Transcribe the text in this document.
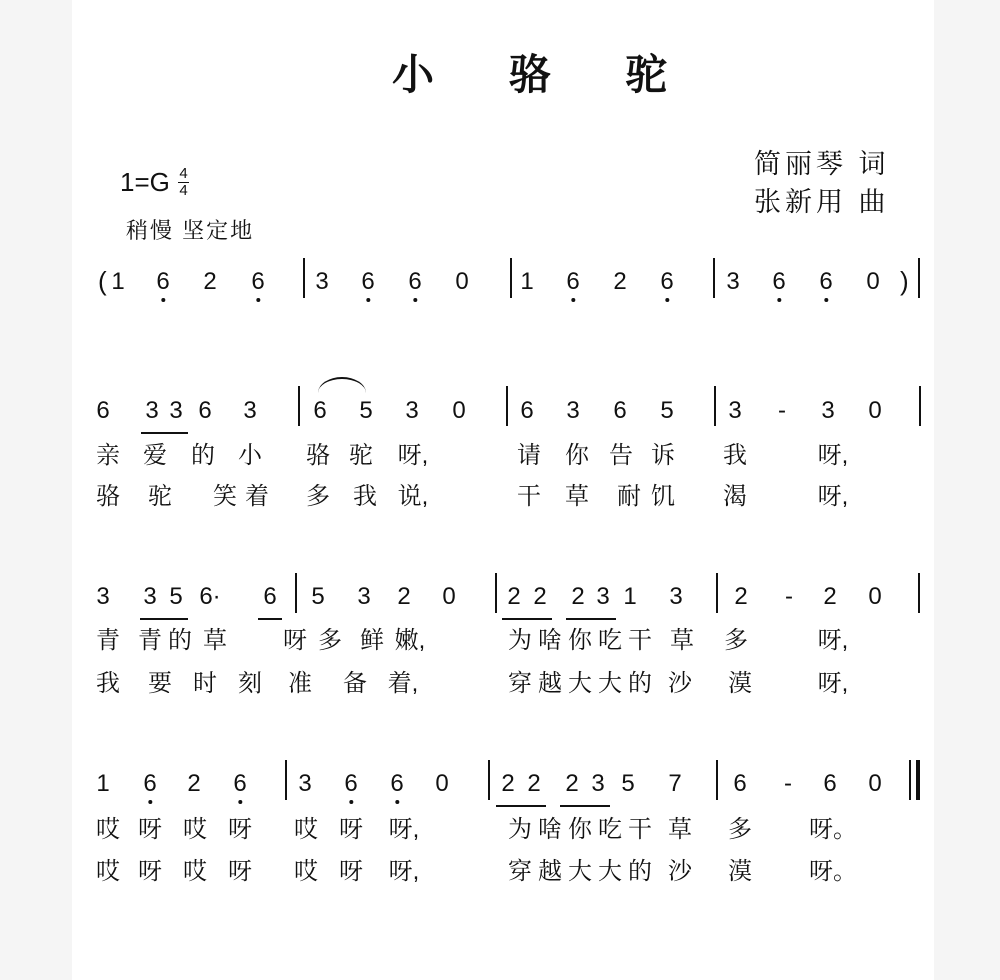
小 骆 驼
简丽琴 词
张新用 曲
$1=G \frac{4}{4}$
稍慢 坚定地
(	)
1 6 2 6 3 6 6 0 1 6 2 6 3 6 6 0
6 3 3 6 3 6 5 3 0 6 3 6 5 3 - 3 0
亲 爱 的 小 骆 驼 呀,	请 你 告 诉 我	呀,
骆 驼 笑 着 多 我 说,	干 草 耐 饥 渴	呀,
3 3 5 6· 6 5 3 2 0 2 2 2 3 1 3 2 - 2 0
青 青 的 草 呀 多 鲜 嫩,	为 啥 你 吃 干 草 多	呀,
我 要 时 刻 准 备 着,	穿 越 大 大 的 沙 漠	呀,
1 6 2 6 3 6 6 0 2 2 2 3 5 7 6 - 6 0
哎 呀 哎 呀 哎 呀 呀,	为 啥 你 吃 干 草 多 呀。
哎 呀 哎 呀 哎 呀 呀,	穿 越 大 大 的 沙 漠 呀。
